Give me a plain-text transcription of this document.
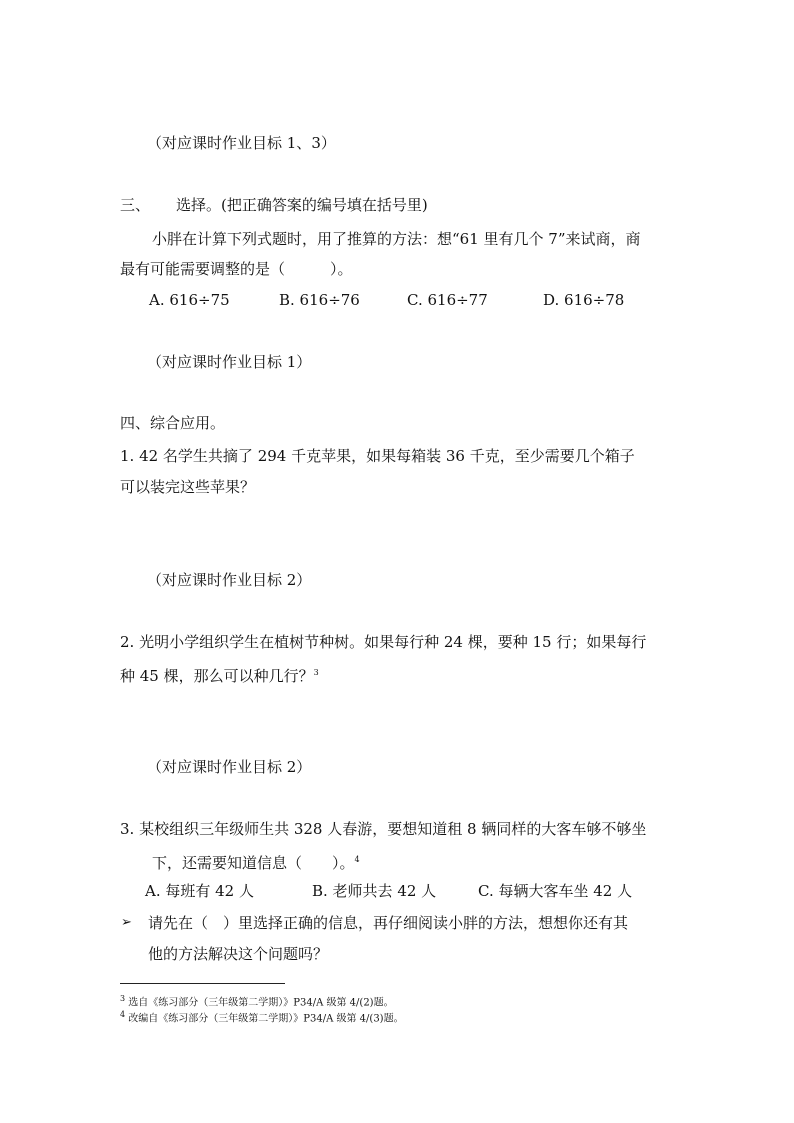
（对应课时作业目标 1、3）
三、 选择。(把正确答案的编号填在括号里)
小胖在计算下列式题时，用了推算的方法：想“61 里有几个 7”来试商，商
最有可能需要调整的是（　　　）。
A. 616÷75	B. 616÷76	C. 616÷77	D. 616÷78
（对应课时作业目标 1）
四、综合应用。
1. 42 名学生共摘了 294 千克苹果，如果每箱装 36 千克，至少需要几个箱子
可以装完这些苹果？
（对应课时作业目标 2）
2. 光明小学组织学生在植树节种树。如果每行种 24 棵，要种 15 行；如果每行
种 45 棵，那么可以种几行？$^3$
（对应课时作业目标 2）
3. 某校组织三年级师生共 328 人春游，要想知道租 8 辆同样的大客车够不够坐
下，还需要知道信息（　　）。$^4$
A. 每班有 42 人	B. 老师共去 42 人	C. 每辆大客车坐 42 人
➢ 请先在（　）里选择正确的信息，再仔细阅读小胖的方法，想想你还有其
他的方法解决这个问题吗？
$^3$ 选自《练习部分（三年级第二学期）》P34/A 级第 4/(2)题。
$^4$ 改编自《练习部分（三年级第二学期）》P34/A 级第 4/(3)题。
